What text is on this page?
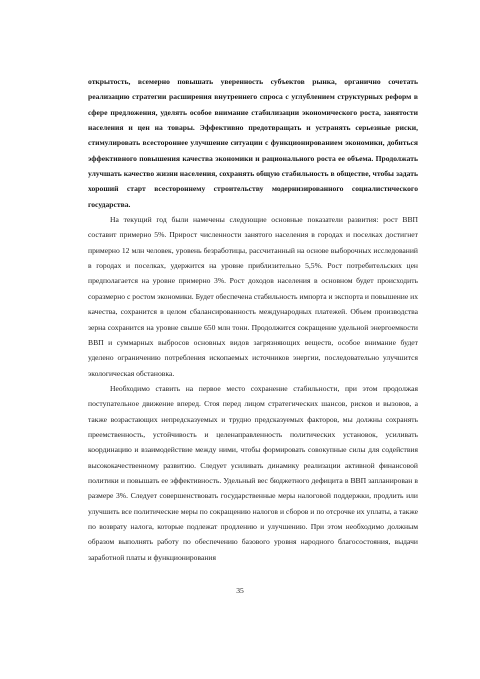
открытость, всемерно повышать уверенность субъектов рынка, органично сочетать реализацию стратегии расширения внутреннего спроса с углублением структурных реформ в сфере предложения, уделять особое внимание стабилизации экономического роста, занятости населения и цен на товары. Эффективно предотвращать и устранять серьезные риски, стимулировать всестороннее улучшение ситуации с функционированием экономики, добиться эффективного повышения качества экономики и рационального роста ее объема. Продолжать улучшать качество жизни населения, сохранять общую стабильность в обществе, чтобы задать хороший старт всестороннему строительству модернизированного социалистического государства.

На текущий год были намечены следующие основные показатели развития: рост ВВП составит примерно 5%. Прирост численности занятого населения в городах и поселках достигнет примерно 12 млн человек, уровень безработицы, рассчитанный на основе выборочных исследований в городах и поселках, удержится на уровне приблизительно 5,5%. Рост потребительских цен предполагается на уровне примерно 3%. Рост доходов населения в основном будет происходить соразмерно с ростом экономики. Будет обеспечена стабильность импорта и экспорта и повышение их качества, сохранится в целом сбалансированность международных платежей. Объем производства зерна сохранится на уровне свыше 650 млн тонн. Продолжится сокращение удельной энергоемкости ВВП и суммарных выбросов основных видов загрязняющих веществ, особое внимание будет уделено ограничению потребления ископаемых источников энергии, последовательно улучшится экологическая обстановка.

Необходимо ставить на первое место сохранение стабильности, при этом продолжая поступательное движение вперед. Стоя перед лицом стратегических шансов, рисков и вызовов, а также возрастающих непредсказуемых и трудно предсказуемых факторов, мы должны сохранять преемственность, устойчивость и целенаправленность политических установок, усиливать координацию и взаимодействие между ними, чтобы формировать совокупные силы для содействия высококачественному развитию. Следует усиливать динамику реализации активной финансовой политики и повышать ее эффективность. Удельный вес бюджетного дефицита в ВВП запланирован в размере 3%. Следует совершенствовать государственные меры налоговой поддержки, продлить или улучшить все политические меры по сокращению налогов и сборов и по отсрочке их уплаты, а также по возврату налога, которые подлежат продлению и улучшению. При этом необходимо должным образом выполнять работу по обеспечению базового уровня народного благосостояния, выдачи заработной платы и функционирования

35
